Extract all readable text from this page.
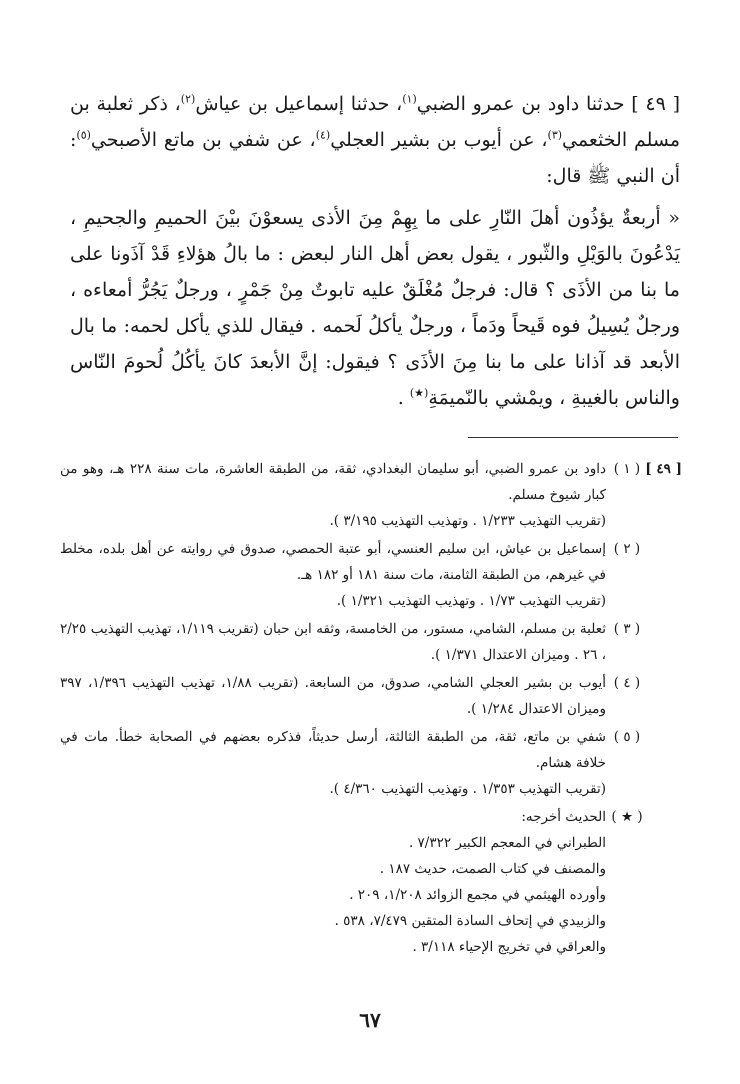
[ ٤٩ ] حدثنا داود بن عمرو الضبي$^{(١)}$، حدثنا إسماعيل بن عياش$^{(٢)}$، ذكر ثعلبة بن مسلم الخثعمي$^{(٣)}$، عن أيوب بن بشير العجلي$^{(٤)}$، عن شفي بن ماتع الأصبحي$^{(٥)}$: أن النبي ﷺ قال:

« أربعةٌ يؤذُون أهلَ النّارِ على ما بِهِمْ مِنَ الأذى يسعوْنَ بيْنَ الحميمِ والجحيمِ ، يَدْعُونَ بالوَيْلِ والثّبور ، يقول بعض أهل النار لبعض : ما بالُ هؤلاءِ قَدْ آذَونا على ما بنا من الأذَى ؟ قال: فرجلٌ مُغْلَقٌ عليه تابوتٌ مِنْ جَمْرٍ ، ورجلٌ يَجُرُّ أمعاءه ، ورجلٌ يُسِيلُ فوه قَيحاً ودَماً ، ورجلٌ يأكلُ لَحمه . فيقال للذي يأكل لحمه: ما بال الأبعد قد آذانا على ما بنا مِنَ الأذَى ؟ فيقول: إنَّ الأبعدَ كانَ يأكُلُ لُحومَ النّاس والناس بالغيبةِ ، ويمْشي بالنّميمَةِ(★) .

[ ٤٩ ]
( ١ )
داود بن عمرو الضبي، أبو سليمان البغدادي، ثقة، من الطبقة العاشرة، مات سنة ٢٢٨ هـ، وهو من كبار شيوخ مسلم.
(تقريب التهذيب ١/٢٣٣ . وتهذيب التهذيب ٣/١٩٥ ).
( ٢ )
إسماعيل بن عياش، ابن سليم العنسي، أبو عتبة الحمصي، صدوق في روايته عن أهل بلده، مخلط في غيرهم، من الطبقة الثامنة، مات سنة ١٨١ أو ١٨٢ هـ.
(تقريب التهذيب ١/٧٣ . وتهذيب التهذيب ١/٣٢١ ).
( ٣ )
ثعلبة بن مسلم، الشامي، مستور، من الخامسة، وثقه ابن حبان (تقريب ١/١١٩، تهذيب التهذيب ٢/٢٥ ، ٢٦ . وميزان الاعتدال ١/٣٧١ ).
( ٤ )
أيوب بن بشير العجلي الشامي، صدوق، من السابعة. (تقريب ١/٨٨، تهذيب التهذيب ١/٣٩٦، ٣٩٧ وميزان الاعتدال ١/٢٨٤ ).
( ٥ )
شفي بن ماتع، ثقة، من الطبقة الثالثة، أرسل حديثاً، فذكره بعضهم في الصحابة خطأ. مات في خلافة هشام.
(تقريب التهذيب ١/٣٥٣ . وتهذيب التهذيب ٤/٣٦٠ ).
( ★ )
الحديث أخرجه:
الطبراني في المعجم الكبير ٧/٣٢٢ .
والمصنف في كتاب الصمت، حديث ١٨٧ .
وأورده الهيثمي في مجمع الزوائد ١/٢٠٨، ٢٠٩ .
والزبيدي في إتحاف السادة المتقين ٧/٤٧٩، ٥٣٨ .
والعراقي في تخريج الإحياء ٣/١١٨ .
٦٧
